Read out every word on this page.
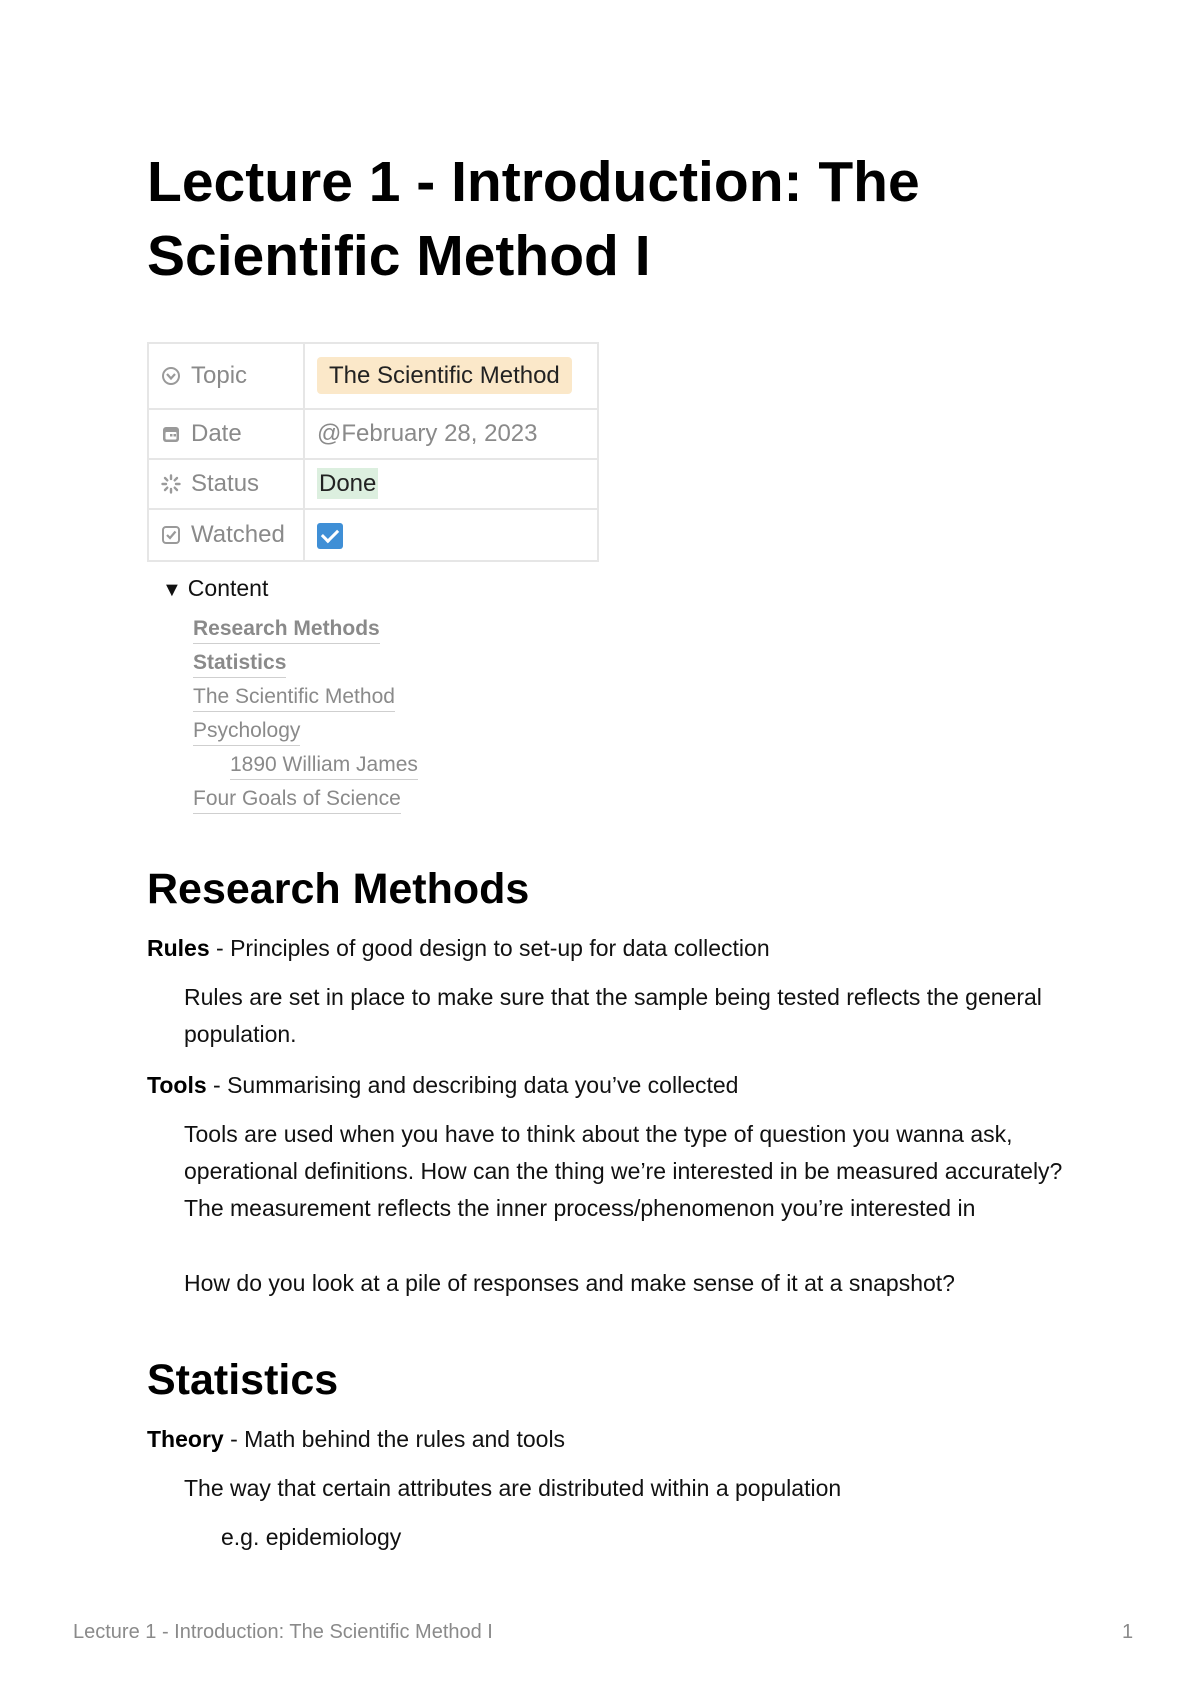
Lecture 1 - Introduction: The Scientific Method I
Topic	The Scientific Method
Date	@February 28, 2023
Status	Done
Watched	
▼ Content
Research Methods
Statistics
The Scientific Method
Psychology
1890 William James
Four Goals of Science
Research Methods

Rules - Principles of good design to set-up for data collection

Rules are set in place to make sure that the sample being tested reflects the general population.

Tools - Summarising and describing data you’ve collected

Tools are used when you have to think about the type of question you wanna ask, operational definitions. How can the thing we’re interested in be measured accurately? The measurement reflects the inner process/phenomenon you’re interested in

How do you look at a pile of responses and make sense of it at a snapshot?

Statistics

Theory - Math behind the rules and tools

The way that certain attributes are distributed within a population

e.g. epidemiology

Lecture 1 - Introduction: The Scientific Method I	1
